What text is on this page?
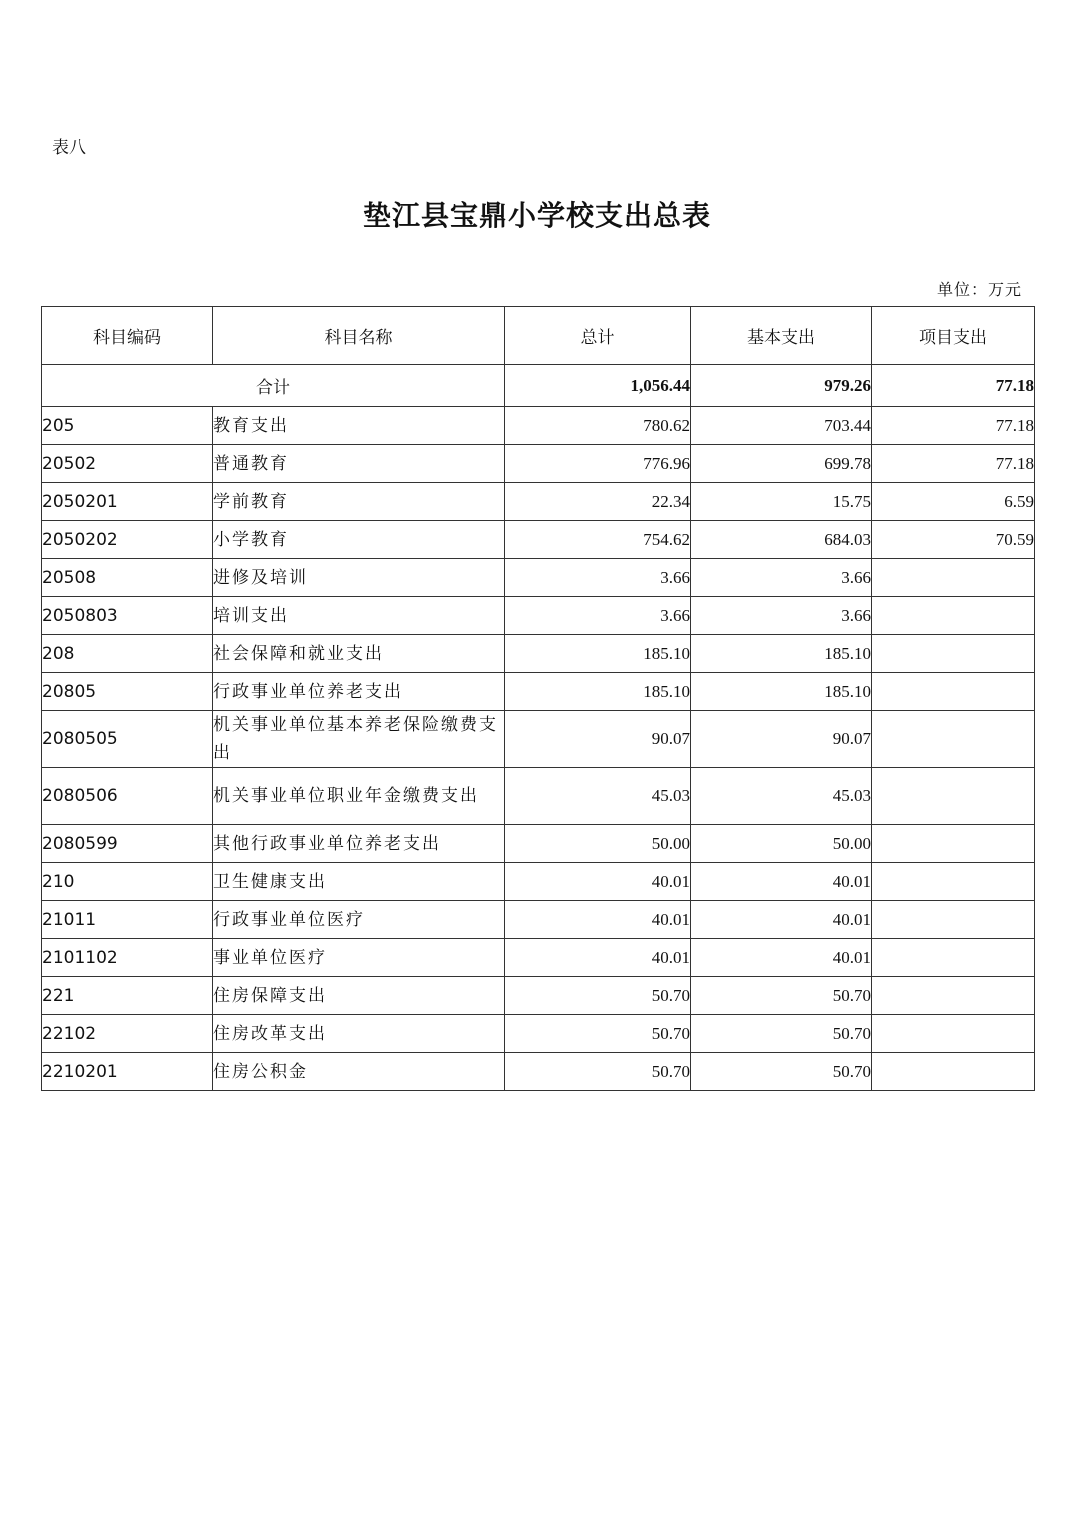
表八
垫江县宝鼎小学校支出总表
单位：万元
科目编码	科目名称	总计	基本支出	项目支出
合计		1,056.44	979.26	77.18
205	教育支出	780.62	703.44	77.18
20502	普通教育	776.96	699.78	77.18
2050201	学前教育	22.34	15.75	6.59
2050202	小学教育	754.62	684.03	70.59
20508	进修及培训	3.66	3.66	
2050803	培训支出	3.66	3.66	
208	社会保障和就业支出	185.10	185.10	
20805	行政事业单位养老支出	185.10	185.10	
2080505	机关事业单位基本养老保险缴费支出	90.07	90.07	
2080506	机关事业单位职业年金缴费支出	45.03	45.03	
2080599	其他行政事业单位养老支出	50.00	50.00	
210	卫生健康支出	40.01	40.01	
21011	行政事业单位医疗	40.01	40.01	
2101102	事业单位医疗	40.01	40.01	
221	住房保障支出	50.70	50.70	
22102	住房改革支出	50.70	50.70	
2210201	住房公积金	50.70	50.70	
